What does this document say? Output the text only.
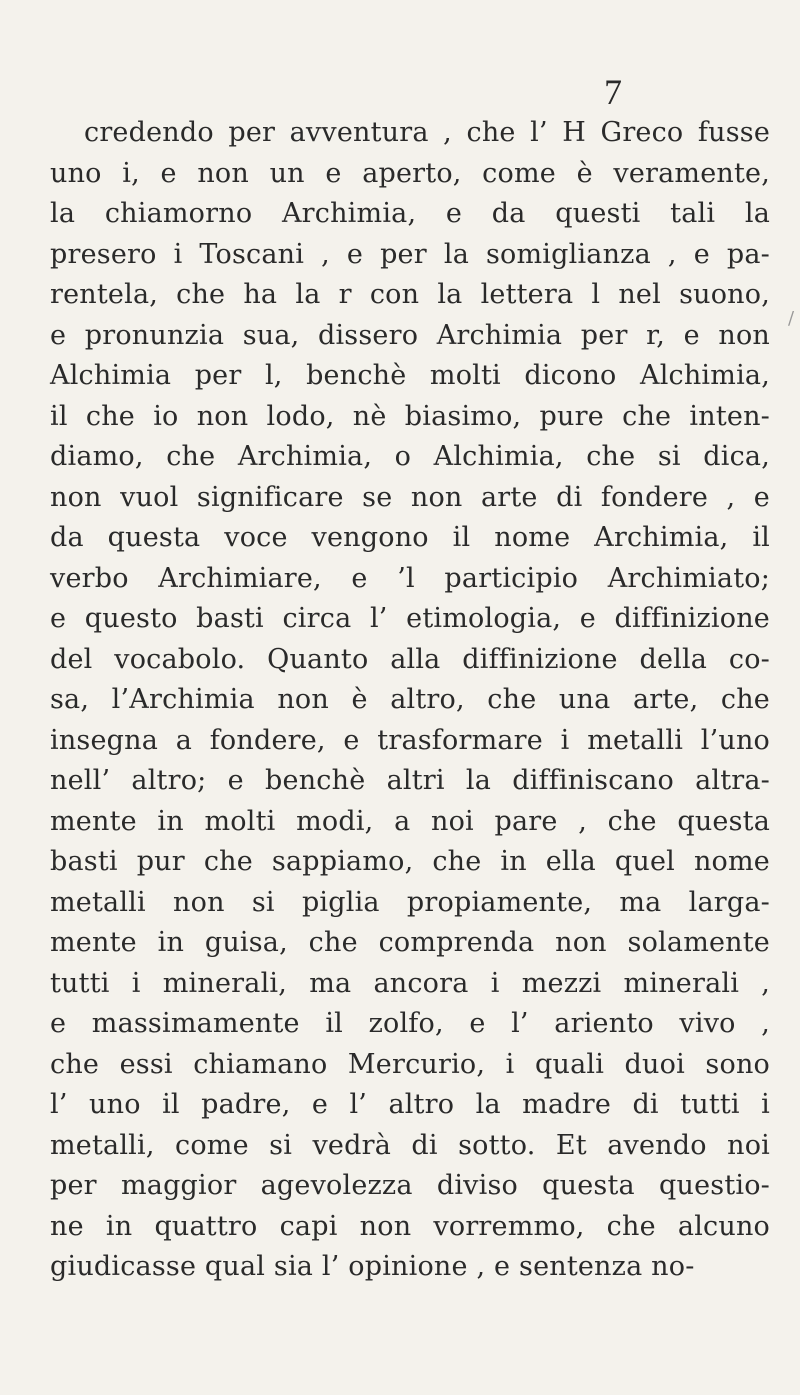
7
/
credendo per avventura , che l’ H Greco fusse
uno i, e non un e aperto, come è veramente,
la chiamorno Archimia, e da questi tali la
presero i Toscani , e per la somiglianza , e pa-
rentela, che ha la r con la lettera l nel suono,
e pronunzia sua, dissero Archimia per r, e non
Alchimia per l, benchè molti dicono Alchimia,
il che io non lodo, nè biasimo, pure che inten-
diamo, che Archimia, o Alchimia, che si dica,
non vuol significare se non arte di fondere , e
da questa voce vengono il nome Archimia, il
verbo Archimiare, e ’l participio Archimiato;
e questo basti circa l’ etimologia, e diffinizione
del vocabolo. Quanto alla diffinizione della co-
sa, l’Archimia non è altro, che una arte, che
insegna a fondere, e trasformare i metalli l’uno
nell’ altro; e benchè altri la diffiniscano altra-
mente in molti modi, a noi pare , che questa
basti pur che sappiamo, che in ella quel nome
metalli non si piglia propiamente, ma larga-
mente in guisa, che comprenda non solamente
tutti i minerali, ma ancora i mezzi minerali ,
e massimamente il zolfo, e l’ ariento vivo ,
che essi chiamano Mercurio, i quali duoi sono
l’ uno il padre, e l’ altro la madre di tutti i
metalli, come si vedrà di sotto. Et avendo noi
per maggior agevolezza diviso questa questio-
ne in quattro capi non vorremmo, che alcuno
giudicasse qual sia l’ opinione , e sentenza no-
